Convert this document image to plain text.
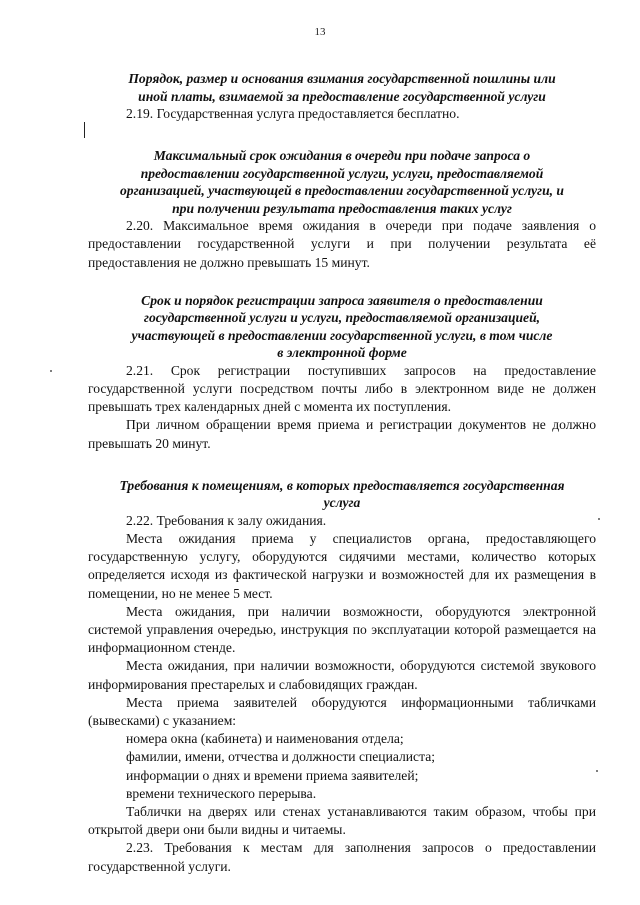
13

Порядок, размер и основания взимания государственной пошлины или
иной платы, взимаемой за предоставление государственной услуги

2.19. Государственная услуга предоставляется бесплатно.

Максимальный срок ожидания в очереди при подаче запроса о
предоставлении государственной услуги, услуги, предоставляемой
организацией, участвующей в предоставлении государственной услуги, и
при получении результата предоставления таких услуг

2.20. Максимальное время ожидания в очереди при подаче заявления о предоставлении государственной услуги и при получении результата её предоставления не должно превышать 15 минут.

Срок и порядок регистрации запроса заявителя о предоставлении
государственной услуги и услуги, предоставляемой организацией,
участвующей в предоставлении государственной услуги, в том числе
в электронной форме

2.21. Срок регистрации поступивших запросов на предоставление государственной услуги посредством почты либо в электронном виде не должен превышать трех календарных дней с момента их поступления.

При личном обращении время приема и регистрации документов не должно превышать 20 минут.

Требования к помещениям, в которых предоставляется государственная
услуга

2.22. Требования к залу ожидания.

Места ожидания приема у специалистов органа, предоставляющего государственную услугу, оборудуются сидячими местами, количество которых определяется исходя из фактической нагрузки и возможностей для их размещения в помещении, но не менее 5 мест.

Места ожидания, при наличии возможности, оборудуются электронной системой управления очередью, инструкция по эксплуатации которой размещается на информационном стенде.

Места ожидания, при наличии возможности, оборудуются системой звукового информирования престарелых и слабовидящих граждан.

Места приема заявителей оборудуются информационными табличками (вывесками) с указанием:

номера окна (кабинета) и наименования отдела;

фамилии, имени, отчества и должности специалиста;

информации о днях и времени приема заявителей;

времени технического перерыва.

Таблички на дверях или стенах устанавливаются таким образом, чтобы при открытой двери они были видны и читаемы.

2.23. Требования к местам для заполнения запросов о предоставлении государственной услуги.
